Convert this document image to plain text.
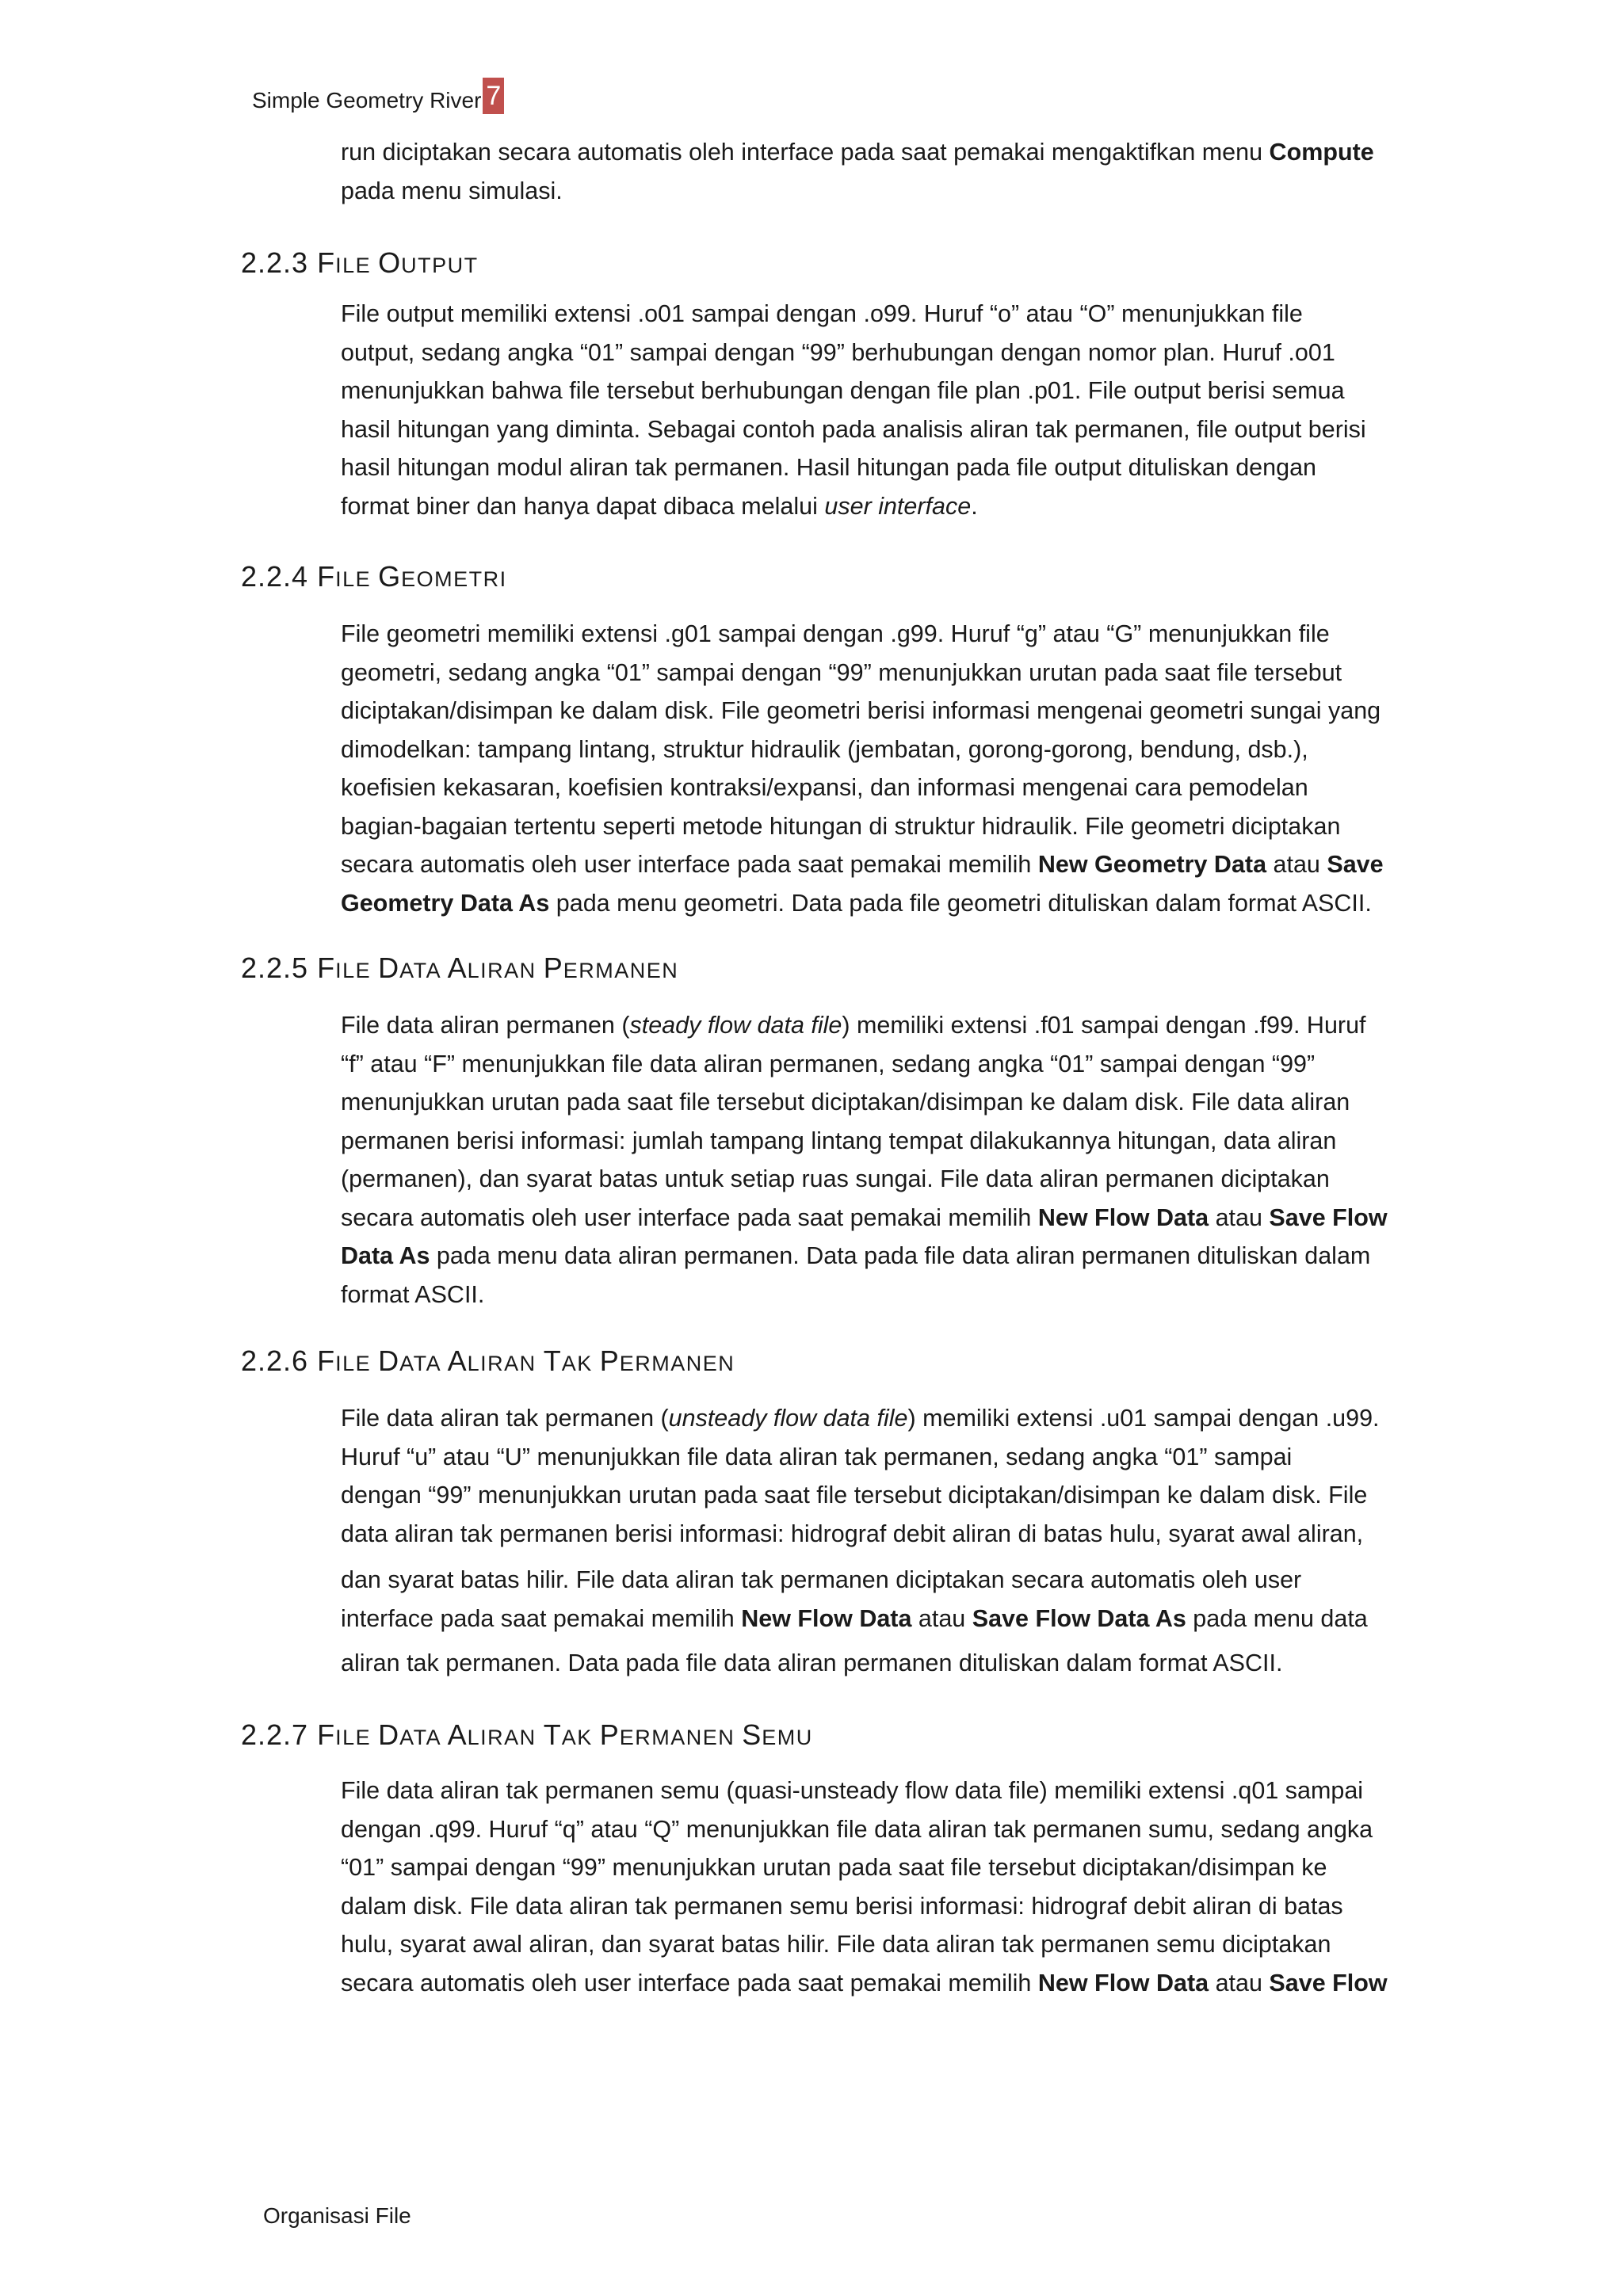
Simple Geometry River 7
run diciptakan secara automatis oleh interface pada saat pemakai mengaktifkan menu Compute
pada menu simulasi.
2.2.3 FILE OUTPUT
File output memiliki extensi .o01 sampai dengan .o99. Huruf “o” atau “O” menunjukkan file
output, sedang angka “01” sampai dengan “99” berhubungan dengan nomor plan. Huruf .o01
menunjukkan bahwa file tersebut berhubungan dengan file plan .p01. File output berisi semua
hasil hitungan yang diminta. Sebagai contoh pada analisis aliran tak permanen, file output berisi
hasil hitungan modul aliran tak permanen. Hasil hitungan pada file output dituliskan dengan
format biner dan hanya dapat dibaca melalui user interface.
2.2.4 FILE GEOMETRI
File geometri memiliki extensi .g01 sampai dengan .g99. Huruf “g” atau “G” menunjukkan file
geometri, sedang angka “01” sampai dengan “99” menunjukkan urutan pada saat file tersebut
diciptakan/disimpan ke dalam disk. File geometri berisi informasi mengenai geometri sungai yang
dimodelkan: tampang lintang, struktur hidraulik (jembatan, gorong-gorong, bendung, dsb.),
koefisien kekasaran, koefisien kontraksi/expansi, dan informasi mengenai cara pemodelan
bagian-bagaian tertentu seperti metode hitungan di struktur hidraulik. File geometri diciptakan
secara automatis oleh user interface pada saat pemakai memilih New Geometry Data atau Save
Geometry Data As pada menu geometri. Data pada file geometri dituliskan dalam format ASCII.
2.2.5 FILE DATA ALIRAN PERMANEN
File data aliran permanen (steady flow data file) memiliki extensi .f01 sampai dengan .f99. Huruf
“f” atau “F” menunjukkan file data aliran permanen, sedang angka “01” sampai dengan “99”
menunjukkan urutan pada saat file tersebut diciptakan/disimpan ke dalam disk. File data aliran
permanen berisi informasi: jumlah tampang lintang tempat dilakukannya hitungan, data aliran
(permanen), dan syarat batas untuk setiap ruas sungai. File data aliran permanen diciptakan
secara automatis oleh user interface pada saat pemakai memilih New Flow Data atau Save Flow
Data As pada menu data aliran permanen. Data pada file data aliran permanen dituliskan dalam
format ASCII.
2.2.6 FILE DATA ALIRAN TAK PERMANEN
File data aliran tak permanen (unsteady flow data file) memiliki extensi .u01 sampai dengan .u99.
Huruf “u” atau “U” menunjukkan file data aliran tak permanen, sedang angka “01” sampai
dengan “99” menunjukkan urutan pada saat file tersebut diciptakan/disimpan ke dalam disk. File
data aliran tak permanen berisi informasi: hidrograf debit aliran di batas hulu, syarat awal aliran,
dan syarat batas hilir. File data aliran tak permanen diciptakan secara automatis oleh user
interface pada saat pemakai memilih New Flow Data atau Save Flow Data As pada menu data
aliran tak permanen. Data pada file data aliran permanen dituliskan dalam format ASCII.
2.2.7 FILE DATA ALIRAN TAK PERMANEN SEMU
File data aliran tak permanen semu (quasi-unsteady flow data file) memiliki extensi .q01 sampai
dengan .q99. Huruf “q” atau “Q” menunjukkan file data aliran tak permanen sumu, sedang angka
“01” sampai dengan “99” menunjukkan urutan pada saat file tersebut diciptakan/disimpan ke
dalam disk. File data aliran tak permanen semu berisi informasi: hidrograf debit aliran di batas
hulu, syarat awal aliran, dan syarat batas hilir. File data aliran tak permanen semu diciptakan
secara automatis oleh user interface pada saat pemakai memilih New Flow Data atau Save Flow
Organisasi File
